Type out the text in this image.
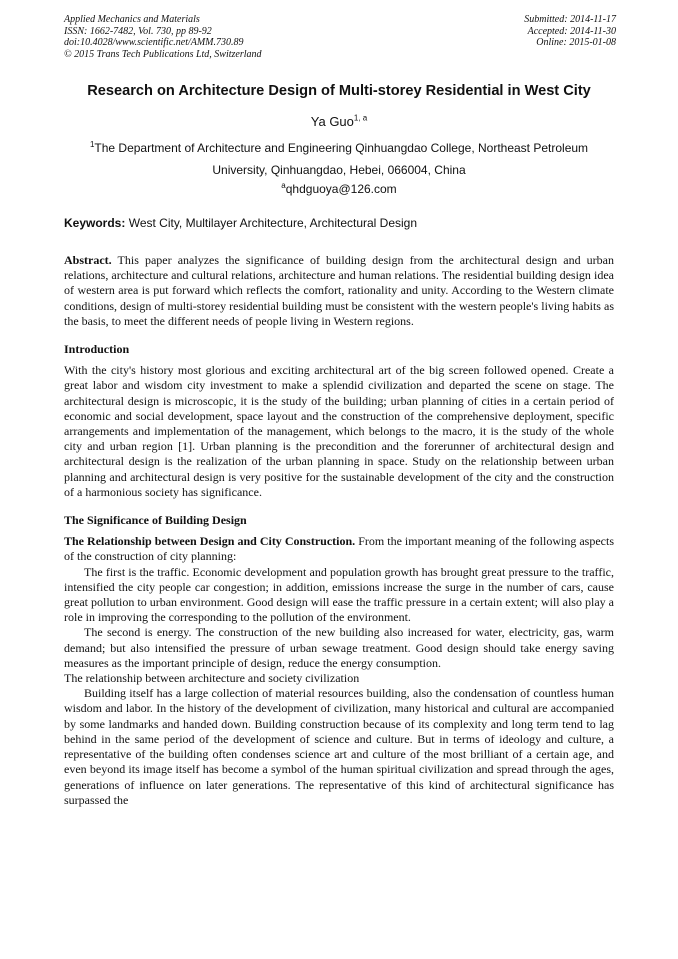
Applied Mechanics and Materials
ISSN: 1662-7482, Vol. 730, pp 89-92
doi:10.4028/www.scientific.net/AMM.730.89
© 2015 Trans Tech Publications Ltd, Switzerland
Submitted: 2014-11-17
Accepted: 2014-11-30
Online: 2015-01-08
Research on Architecture Design of Multi-storey Residential in West City
Ya Guo$^{1, a}$
$^1$The Department of Architecture and Engineering Qinhuangdao College, Northeast Petroleum
University, Qinhuangdao, Hebei, 066004, China
$^a$qhdguoya@126.com
Keywords: West City, Multilayer Architecture, Architectural Design

Abstract. This paper analyzes the significance of building design from the architectural design and urban relations, architecture and cultural relations, architecture and human relations. The residential building design idea of western area is put forward which reflects the comfort, rationality and unity. According to the Western climate conditions, design of multi-storey residential building must be consistent with the western people's living habits as the basis, to meet the different needs of people living in Western regions.

Introduction

With the city's history most glorious and exciting architectural art of the big screen followed opened. Create a great labor and wisdom city investment to make a splendid civilization and departed the scene on stage. The architectural design is microscopic, it is the study of the building; urban planning of cities in a certain period of economic and social development, space layout and the construction of the comprehensive deployment, specific arrangements and implementation of the management, which belongs to the macro, it is the study of the whole city and urban region [1]. Urban planning is the precondition and the forerunner of architectural design and architectural design is the realization of the urban planning in space. Study on the relationship between urban planning and architectural design is very positive for the sustainable development of the city and the construction of a harmonious society has significance.

The Significance of Building Design

The Relationship between Design and City Construction. From the important meaning of the following aspects of the construction of city planning:

The first is the traffic. Economic development and population growth has brought great pressure to the traffic, intensified the city people car congestion; in addition, emissions increase the surge in the number of cars, cause great pollution to urban environment. Good design will ease the traffic pressure in a certain extent; will also play a role in improving the corresponding to the pollution of the environment.

The second is energy. The construction of the new building also increased for water, electricity, gas, warm demand; but also intensified the pressure of urban sewage treatment. Good design should take energy saving measures as the important principle of design, reduce the energy consumption.

The relationship between architecture and society civilization

Building itself has a large collection of material resources building, also the condensation of countless human wisdom and labor. In the history of the development of civilization, many historical and cultural are accompanied by some landmarks and handed down. Building construction because of its complexity and long term tend to lag behind in the same period of the development of science and culture. But in terms of ideology and culture, a representative of the building often condenses science art and culture of the most brilliant of a certain age, and even beyond its image itself has become a symbol of the human spiritual civilization and spread through the ages, generations of influence on later generations. The representative of this kind of architectural significance has surpassed the
